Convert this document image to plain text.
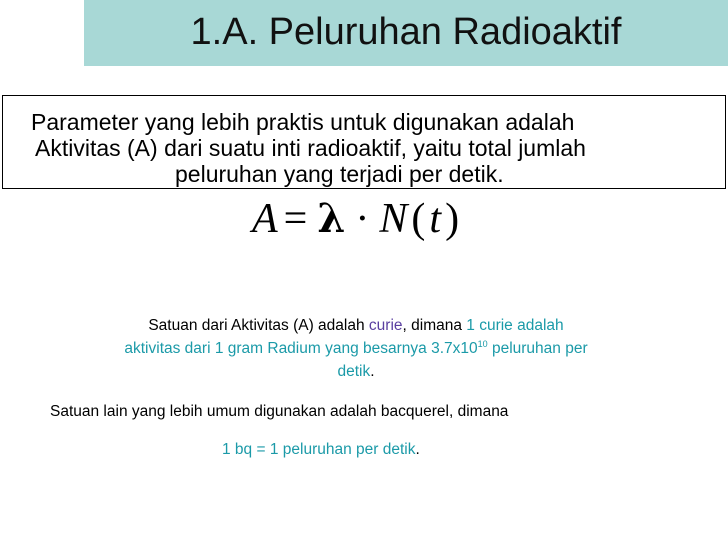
1.A. Peluruhan Radioaktif
Parameter yang lebih praktis untuk digunakan adalah
Aktivitas (A) dari suatu inti radioaktif, yaitu total jumlah
peluruhan yang terjadi per detik.
A = λ · N(t)
Satuan dari Aktivitas (A) adalah curie, dimana 1 curie adalah
aktivitas dari 1 gram Radium yang besarnya $3.7x10^{10}$ peluruhan per
detik.
Satuan lain yang lebih umum digunakan adalah bacquerel, dimana
1 bq = 1 peluruhan per detik.
